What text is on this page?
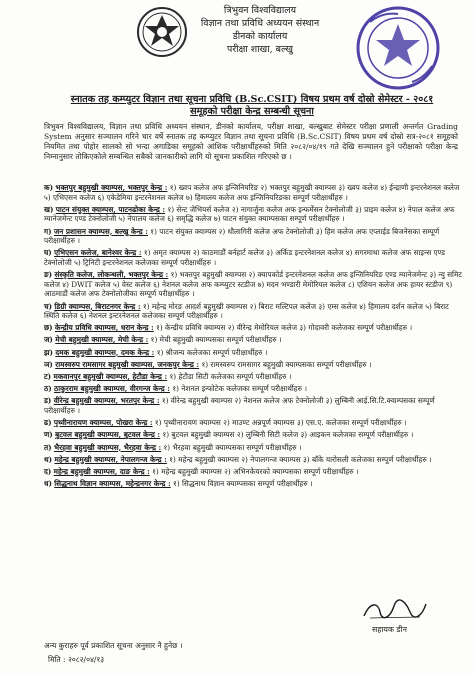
त्रिभुवन विश्वविद्यालय
विज्ञान तथा प्रविधि अध्ययन संस्थान
डीनको कार्यालय
परीक्षा शाखा, बल्खु
स्नातक तह कम्प्युटर विज्ञान तथा सूचना प्रविधि (B.Sc.CSIT) विषय प्रथम वर्ष दोस्रो सेमेस्टर - २०८१
समूहको परीक्षा केन्द्र सम्बन्धी सूचना
त्रिभुवन विश्वविद्यालय, विज्ञान तथा प्रविधि अध्ययन संस्थान, डीनको कार्यालय, परीक्षा शाखा, बल्खुबाट सेमेस्टर परीक्षा प्रणाली अन्तर्गत Grading System अनुसार सञ्चालन गरिने चार वर्षे स्नातक तह कम्प्युटर विज्ञान तथा सूचना प्रविधि (B.Sc.CSIT) विषय प्रथम वर्ष दोस्रो सत्र-२०८१ समूहको नियमित तथा पोहोर सालको सो भन्दा अगाडिका समूहको आंशिक परीक्षार्थीहरुको मिति २०८२/०४/१९ गते देखि सञ्चालन हुने परीक्षाको परीक्षा केन्द्र निम्नानुसार तोकिएकोले सम्बन्धित सबैको जानकारीको लागि यो सूचना प्रकाशित गरिएको छ ।
क) भक्तपुर बहुमुखी क्याम्पस, भक्तपुर केन्द्र : १) ख्वप कलेज अफ इन्जिनियरिङ २) भक्तपुर बहुमुखी क्याम्पस ३) ख्वप कलेज ४) ईन्द्राणी इन्टरनेशनल कलेज ५) एभिएसन कलेज ६) एकेडेमिया इन्टरनेशनल कलेज ७) हिमालय कलेज अफ इन्जिनियरिङका सम्पूर्ण परीक्षार्थीहरु ।
ख) पाटन संयुक्त क्याम्पस, पाटनढोका केन्द्र : १) सेन्ट जेभियर्स कलेज २) नागार्जुना कलेज अफ इन्फर्मेसन टेक्नोलोजी ३) प्राइम कलेज ४) नेपाल कलेज अफ म्यानेजमेन्ट एण्ड टेक्नोलोजी ५) नेपालय कलेज ६) समृद्धि कलेज ७) पाटन संयुक्त क्याम्पसका सम्पूर्ण परीक्षार्थीहरु ।
ग) जन प्रशासन क्याम्पस, बल्खु केन्द्र : १) पाटन संयुक्त क्याम्पस २) धौलागिरी कलेज अफ टेक्नोलोजी ३) हिम कलेज अफ एप्लाईड बिजनेसका सम्पूर्ण परीक्षार्थीहरु ।
घ) एभिएसन कलेज, बानेश्वर केन्द्र : १) अमृत क्याम्पस २) काठमाडौं बर्नहार्ट कलेज ३) अर्किड इन्टरनेशनल कलेज ४) सगरमाथा कलेज अफ साइन्स एण्ड टेक्नोलोजी ५) ट्रिनिटी इन्टरनेशनल कलेजका सम्पूर्ण परीक्षार्थीहरु ।
ङ) संस्कृति कलेज, लोकन्थली, भक्तपुर केन्द्र : १) भक्तपुर बहुमुखी क्याम्पस २) क्यापकोर्ड इन्टरनेशनल कलेज अफ इन्जिनियरिङ एण्ड म्यानेजमेन्ट ३) न्यु समिट कलेज ४) DWIT कलेज ५) वेस्ट कलेज ६) नेशनल कलेज अफ कम्प्युटर स्टडीज ७) मदन भण्डारी मेमोरियल कलेज ८) एशियन कलेज अफ हायर स्टडीज ९) आठमाडौं कलेज अफ टेक्नोलोजीका सम्पूर्ण परीक्षार्थीहरु ।
च) डिग्री क्याम्पस, बिराटनगर केन्द्र : १) महेन्द्र मोरङ आदर्श बहुमुखी क्याम्पस २) बिराट मल्टिपल कलेज ३) एम्स कलेज ४) हिमालय दर्शन कलेज ५) बिराट स्थिति कलेज ६) नेशनल इन्टरनेशनल कलेजका सम्पूर्ण परीक्षार्थीहरु ।
छ) केन्द्रीय प्रविधि क्याम्पस, धरान केन्द्र : १) केन्द्रीय प्रविधि क्याम्पस २) वीरेन्द्र मेमोरियल कलेज ३) गोदावरी कलेजका सम्पूर्ण परीक्षार्थीहरु ।
ज) मेची बहुमुखी क्याम्पस, मेची केन्द्र : १) मेची बहुमुखी क्याम्पसका सम्पूर्ण परीक्षार्थीहरु ।
झ) दमक बहुमुखी क्याम्पस, दमक केन्द्र : १) श्रीजन्य कलेजका सम्पूर्ण परीक्षार्थीहरु ।
ञ) रामस्वरुप रामसागर बहुमुखी क्याम्पस, जनकपुर केन्द्र : १) रामस्वरुप रामसागर बहुमुखी क्याम्पसका सम्पूर्ण परीक्षार्थीहरु ।
ट) मकवानपुर बहुमुखी क्याम्पस, हेटौडा केन्द्र : १) हेटौडा सिटी कलेजका सम्पूर्ण परीक्षार्थीहरु ।
ठ) ठाकुरराम बहुमुखी क्याम्पस, वीरगन्ज केन्द्र : १) नेशनल इन्फोटेक कलेजका सम्पूर्ण परीक्षार्थीहरु ।
ड) वीरेन्द्र बहुमुखी क्याम्पस, भरतपुर केन्द्र : १) वीरेन्द्र बहुमुखी क्याम्पस २) नेशनल कलेज अफ टेक्नोलोजी ३) लुम्बिनी आई.सि.टि.क्याम्पसका सम्पूर्ण परीक्षार्थीहरु ।
ढ) पृथ्वीनारायण क्याम्पस, पोखरा केन्द्र : १) पृथ्वीनारायण क्याम्पस २) माउण्ट अन्नपूर्ण क्याम्पस ३) एस.ए. कलेजका सम्पूर्ण परीक्षार्थीहरु ।
ण) बुटवल बहुमुखी क्याम्पस, बुटवल केन्द्र : १) बुटवल बहुमुखी क्याम्पस २) लुम्बिनी सिटी कलेज ३) आइकन कलेजका सम्पूर्ण परीक्षार्थीहरु ।
त) भैरहवा बहुमुखी क्याम्पस, भैरहवा केन्द्र : १) भैरहवा बहुमुखी क्याम्पसका सम्पूर्ण परीक्षार्थीहरु ।
थ) महेन्द्र बहुमुखी क्याम्पस, नेपालगन्ज केन्द्र : १) महेन्द्र बहुमुखी क्याम्पस २) नेपालगन्ज क्याम्पस ३) बाँके यारोसली कलेजका सम्पूर्ण परीक्षार्थीहरु ।
द) महेन्द्र बहुमुखी क्याम्पस, दाङ केन्द्र : १) महेन्द्र बहुमुखी क्याम्पस २) अभिनकेयरको क्याम्पसका सम्पूर्ण परीक्षार्थीहरु ।
ध) सिद्धनाथ विज्ञान क्याम्पस, महेन्द्रनगर केन्द्र : १) सिद्धनाथ विज्ञान क्याम्पसका सम्पूर्ण परीक्षार्थीहरु ।
सहायक डीन
अन्य कुराहरु पूर्व प्रकाशित सूचना अनुसार नै हुनेछ ।
मिति : २०८२/०४/१३
